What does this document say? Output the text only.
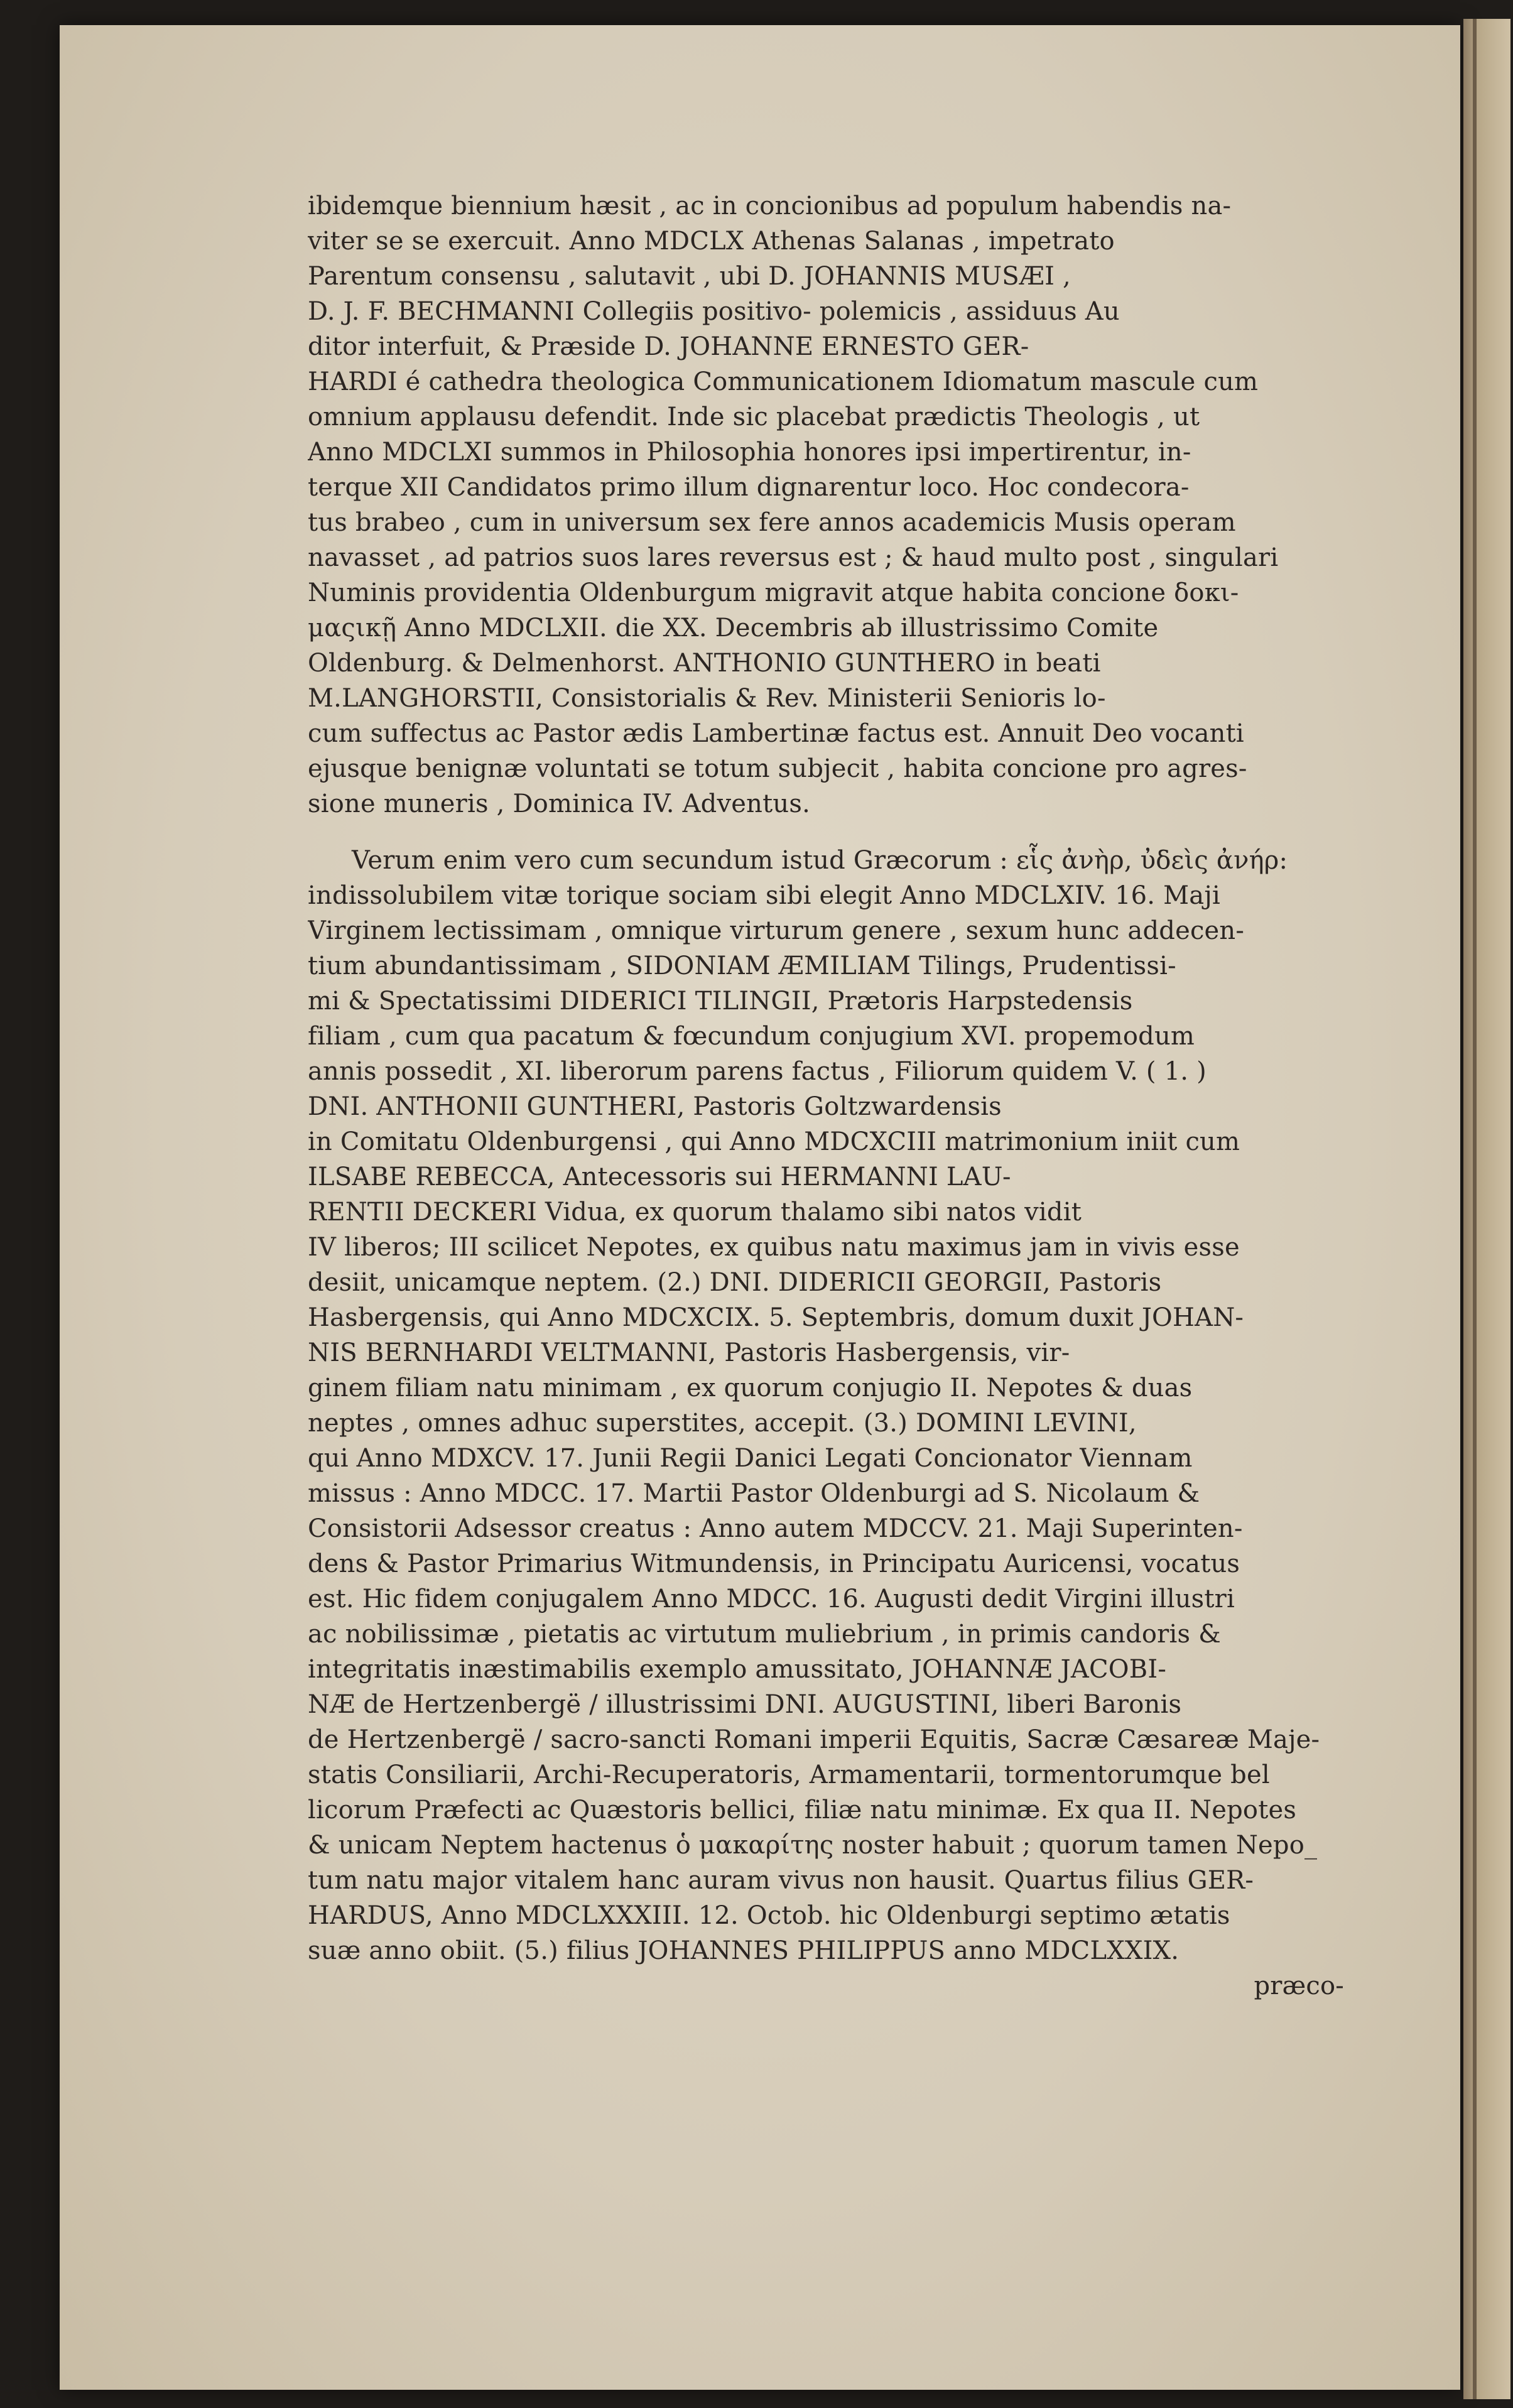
ibidemque biennium hæsit , ac in concionibus ad populum habendis na-
viter se se exercuit. Anno MDCLX Athenas Salanas , impetrato
Parentum consensu , salutavit , ubi D. JOHANNIS MUSÆI ,
D. J. F. BECHMANNI Collegiis positivo- polemicis , assiduus Au
ditor interfuit, & Præside D. JOHANNE ERNESTO GER-
HARDI é cathedra theologica Communicationem Idiomatum mascule cum
omnium applausu defendit. Inde sic placebat prædictis Theologis , ut
Anno MDCLXI summos in Philosophia honores ipsi impertirentur, in-
terque XII Candidatos primo illum dignarentur loco. Hoc condecora-
tus brabeo , cum in universum sex fere annos academicis Musis operam
navasset , ad patrios suos lares reversus est ; & haud multo post , singulari
Numinis providentia Oldenburgum migravit atque habita concione δοκι-
μαςικῇ Anno MDCLXII. die XX. Decembris ab illustrissimo Comite
Oldenburg. & Delmenhorst. ANTHONIO GUNTHERO in beati
M.LANGHORSTII, Consistorialis & Rev. Ministerii Senioris lo-
cum suffectus ac Pastor ædis Lambertinæ factus est. Annuit Deo vocanti
ejusque benignæ voluntati se totum subjecit , habita concione pro agres-
sione muneris , Dominica IV. Adventus.
Verum enim vero cum secundum istud Græcorum : εἷς ἀνὴρ, ὐδεὶς ἀνήρ:
indissolubilem vitæ torique sociam sibi elegit Anno MDCLXIV. 16. Maji
Virginem lectissimam , omnique virturum genere , sexum hunc addecen-
tium abundantissimam , SIDONIAM ÆMILIAM Tilings, Prudentissi-
mi & Spectatissimi DIDERICI TILINGII, Prætoris Harpstedensis
filiam , cum qua pacatum & fœcundum conjugium XVI. propemodum
annis possedit , XI. liberorum parens factus , Filiorum quidem V. ( 1. )
DNI. ANTHONII GUNTHERI, Pastoris Goltzwardensis
in Comitatu Oldenburgensi , qui Anno MDCXCIII matrimonium iniit cum
ILSABE REBECCA, Antecessoris sui HERMANNI LAU-
RENTII DECKERI Vidua, ex quorum thalamo sibi natos vidit
IV liberos; III scilicet Nepotes, ex quibus natu maximus jam in vivis esse
desiit, unicamque neptem. (2.) DNI. DIDERICII GEORGII, Pastoris
Hasbergensis, qui Anno MDCXCIX. 5. Septembris, domum duxit JOHAN-
NIS BERNHARDI VELTMANNI, Pastoris Hasbergensis, vir-
ginem filiam natu minimam , ex quorum conjugio II. Nepotes & duas
neptes , omnes adhuc superstites, accepit. (3.) DOMINI LEVINI,
qui Anno MDXCV. 17. Junii Regii Danici Legati Concionator Viennam
missus : Anno MDCC. 17. Martii Pastor Oldenburgi ad S. Nicolaum &
Consistorii Adsessor creatus : Anno autem MDCCV. 21. Maji Superinten-
dens & Pastor Primarius Witmundensis, in Principatu Auricensi, vocatus
est. Hic fidem conjugalem Anno MDCC. 16. Augusti dedit Virgini illustri
ac nobilissimæ , pietatis ac virtutum muliebrium , in primis candoris &
integritatis inæstimabilis exemplo amussitato, JOHANNÆ JACOBI-
NÆ de Hertzenbergë / illustrissimi DNI. AUGUSTINI, liberi Baronis
de Hertzenbergë / sacro-sancti Romani imperii Equitis, Sacræ Cæsareæ Maje-
statis Consiliarii, Archi-Recuperatoris, Armamentarii, tormentorumque bel
licorum Præfecti ac Quæstoris bellici, filiæ natu minimæ. Ex qua II. Nepotes
& unicam Neptem hactenus ὁ μακαρίτης noster habuit ; quorum tamen Nepo_
tum natu major vitalem hanc auram vivus non hausit. Quartus filius GER-
HARDUS, Anno MDCLXXXIII. 12. Octob. hic Oldenburgi septimo ætatis
suæ anno obiit. (5.) filius JOHANNES PHILIPPUS anno MDCLXXIX.
præco-
